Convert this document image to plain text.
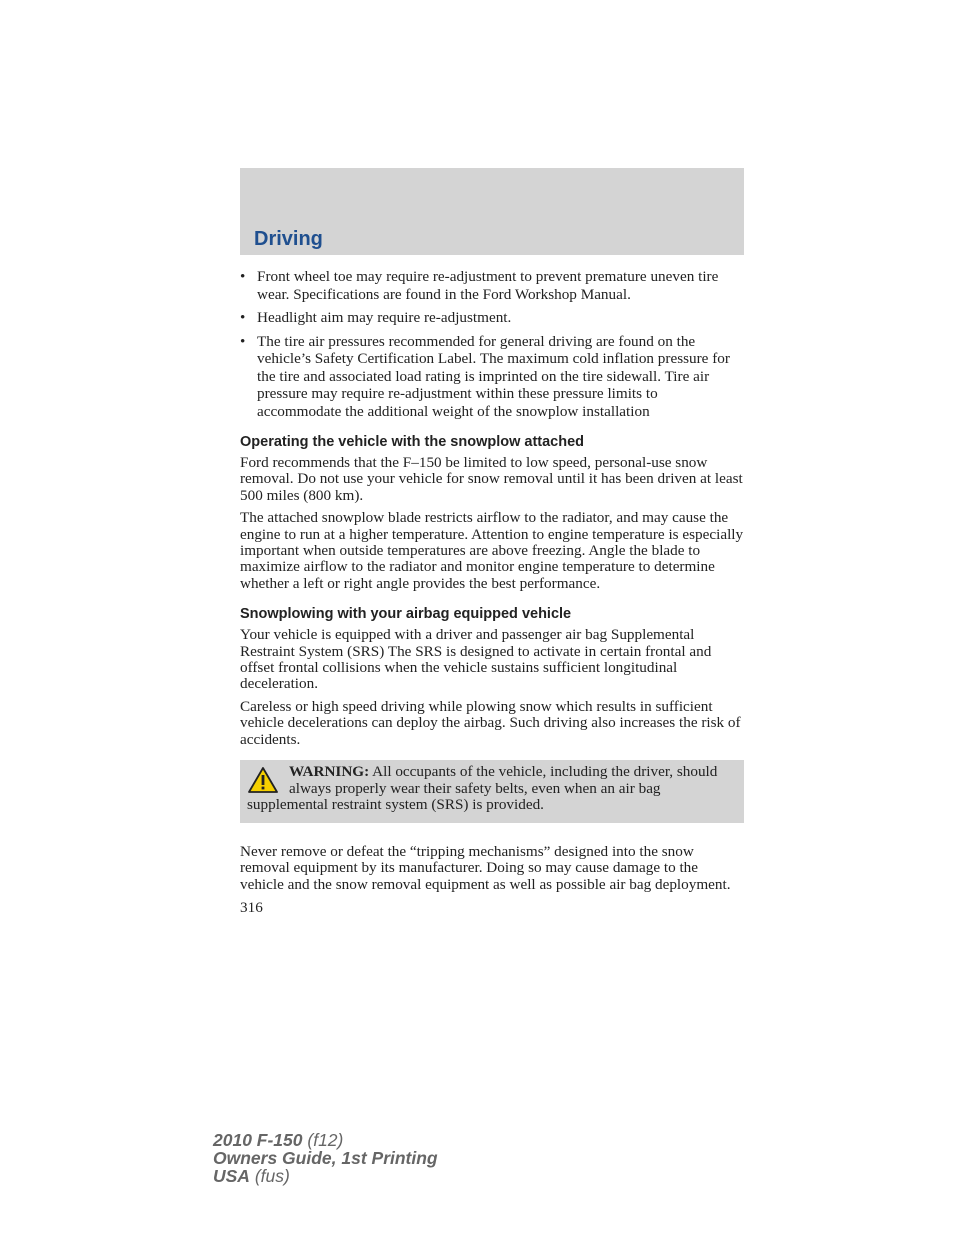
Driving
• Front wheel toe may require re-adjustment to prevent premature uneven tire wear. Specifications are found in the Ford Workshop Manual.
• Headlight aim may require re-adjustment.
• The tire air pressures recommended for general driving are found on the vehicle’s Safety Certification Label. The maximum cold inflation pressure for the tire and associated load rating is imprinted on the tire sidewall. Tire air pressure may require re-adjustment within these pressure limits to accommodate the additional weight of the snowplow installation
Operating the vehicle with the snowplow attached

Ford recommends that the F–150 be limited to low speed, personal-use snow removal. Do not use your vehicle for snow removal until it has been driven at least 500 miles (800 km).

The attached snowplow blade restricts airflow to the radiator, and may cause the engine to run at a higher temperature. Attention to engine temperature is especially important when outside temperatures are above freezing. Angle the blade to maximize airflow to the radiator and monitor engine temperature to determine whether a left or right angle provides the best performance.

Snowplowing with your airbag equipped vehicle

Your vehicle is equipped with a driver and passenger air bag Supplemental Restraint System (SRS) The SRS is designed to activate in certain frontal and offset frontal collisions when the vehicle sustains sufficient longitudinal deceleration.

Careless or high speed driving while plowing snow which results in sufficient vehicle decelerations can deploy the airbag. Such driving also increases the risk of accidents.

WARNING: All occupants of the vehicle, including the driver, should always properly wear their safety belts, even when an air bag supplemental restraint system (SRS) is provided.

Never remove or defeat the “tripping mechanisms” designed into the snow removal equipment by its manufacturer. Doing so may cause damage to the vehicle and the snow removal equipment as well as possible air bag deployment.

316
2010 F-150 (f12)
Owners Guide, 1st Printing
USA (fus)
